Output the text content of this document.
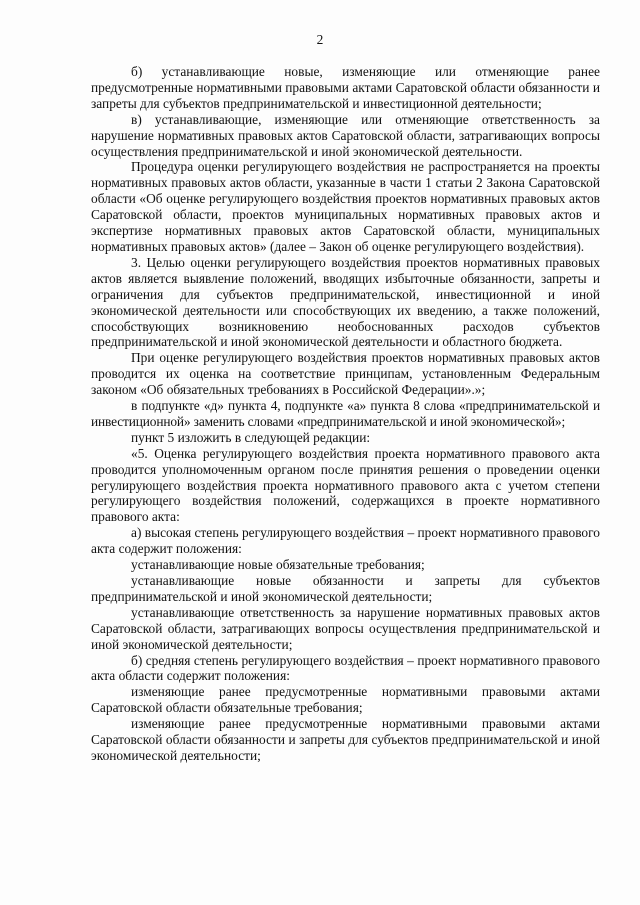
2

б) устанавливающие новые, изменяющие или отменяющие ранее предусмотренные нормативными правовыми актами Саратовской области обязанности и запреты для субъектов предпринимательской и инвестиционной деятельности;

в) устанавливающие, изменяющие или отменяющие ответственность за нарушение нормативных правовых актов Саратовской области, затрагивающих вопросы осуществления предпринимательской и иной экономической деятельности.

Процедура оценки регулирующего воздействия не распространяется на проекты нормативных правовых актов области, указанные в части 1 статьи 2 Закона Саратовской области «Об оценке регулирующего воздействия проектов нормативных правовых актов Саратовской области, проектов муниципальных нормативных правовых актов и экспертизе нормативных правовых актов Саратовской области, муниципальных нормативных правовых актов» (далее – Закон об оценке регулирующего воздействия).

3. Целью оценки регулирующего воздействия проектов нормативных правовых актов является выявление положений, вводящих избыточные обязанности, запреты и ограничения для субъектов предпринимательской, инвестиционной и иной экономической деятельности или способствующих их введению, а также положений, способствующих возникновению необоснованных расходов субъектов предпринимательской и иной экономической деятельности и областного бюджета.

При оценке регулирующего воздействия проектов нормативных правовых актов проводится их оценка на соответствие принципам, установленным Федеральным законом «Об обязательных требованиях в Российской Федерации».»;

в подпункте «д» пункта 4, подпункте «а» пункта 8 слова «предпринимательской и инвестиционной» заменить словами «предпринимательской и иной экономической»;

пункт 5 изложить в следующей редакции:

«5. Оценка регулирующего воздействия проекта нормативного правового акта проводится уполномоченным органом после принятия решения о проведении оценки регулирующего воздействия проекта нормативного правового акта с учетом степени регулирующего воздействия положений, содержащихся в проекте нормативного правового акта:

а) высокая степень регулирующего воздействия – проект нормативного правового акта содержит положения:

устанавливающие новые обязательные требования;

устанавливающие новые обязанности и запреты для субъектов предпринимательской и иной экономической деятельности;

устанавливающие ответственность за нарушение нормативных правовых актов Саратовской области, затрагивающих вопросы осуществления предпринимательской и иной экономической деятельности;

б) средняя степень регулирующего воздействия – проект нормативного правового акта области содержит положения:

изменяющие ранее предусмотренные нормативными правовыми актами Саратовской области обязательные требования;

изменяющие ранее предусмотренные нормативными правовыми актами Саратовской области обязанности и запреты для субъектов предпринимательской и иной экономической деятельности;
